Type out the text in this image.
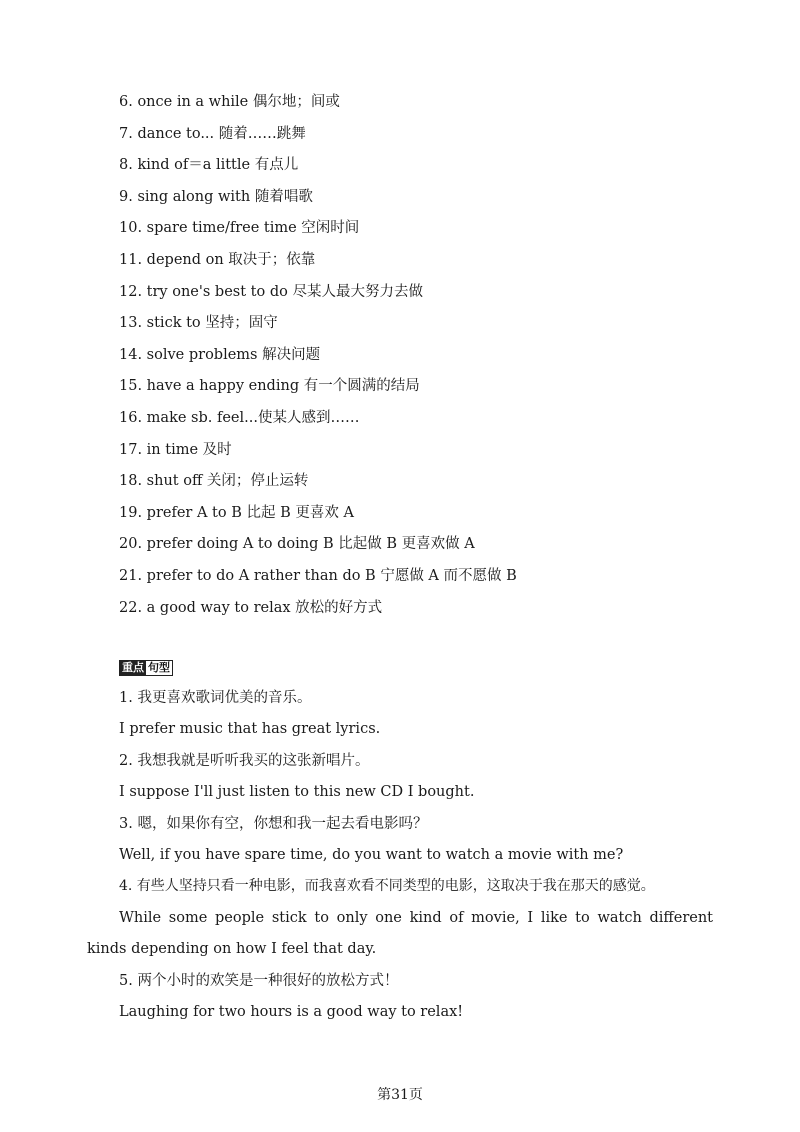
6. once in a while 偶尔地；间或
7. dance to... 随着……跳舞
8. kind of＝a little 有点儿
9. sing along with 随着唱歌
10. spare time/free time 空闲时间
11. depend on 取决于；依靠
12. try one's best to do 尽某人最大努力去做
13. stick to 坚持；固守
14. solve problems 解决问题
15. have a happy ending 有一个圆满的结局
16. make sb. feel...使某人感到……
17. in time 及时
18. shut off 关闭；停止运转
19. prefer A to B 比起 B 更喜欢 A
20. prefer doing A to doing B 比起做 B 更喜欢做 A
21. prefer to do A rather than do B 宁愿做 A 而不愿做 B
22. a good way to relax 放松的好方式
重点 句型
1. 我更喜欢歌词优美的音乐。
I prefer music that has great lyrics.
2. 我想我就是听听我买的这张新唱片。
I suppose I'll just listen to this new CD I bought.
3. 嗯，如果你有空，你想和我一起去看电影吗？
Well, if you have spare time, do you want to watch a movie with me?
4. 有些人坚持只看一种电影，而我喜欢看不同类型的电影，这取决于我在那天的感觉。
While some people stick to only one kind of movie, I like to watch different kinds depending on how I feel that day.
5. 两个小时的欢笑是一种很好的放松方式！
Laughing for two hours is a good way to relax!
第31页
